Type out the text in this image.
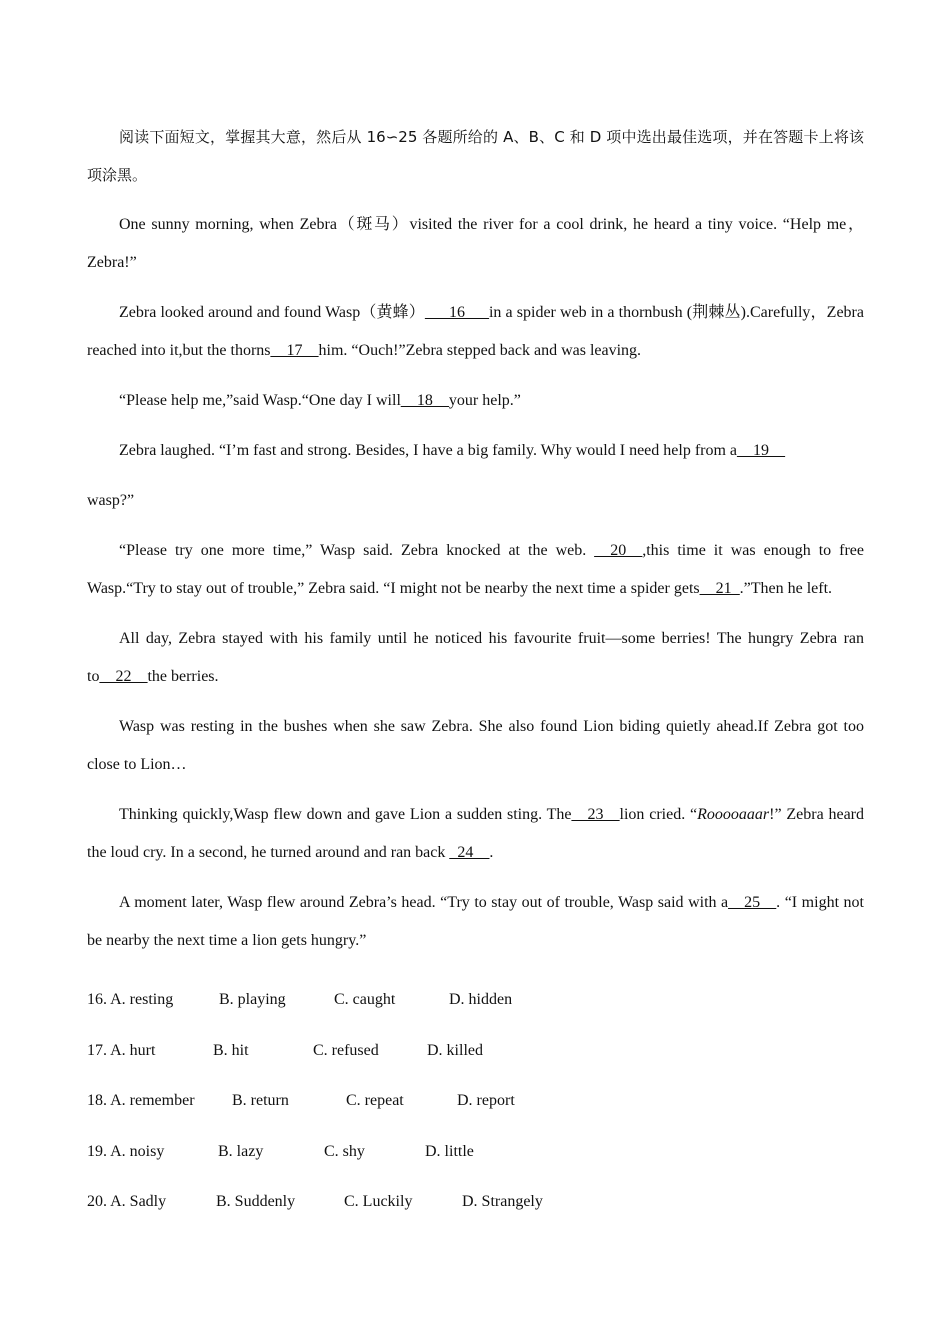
阅读下面短文，掌握其大意，然后从 16∽25 各题所给的 A、B、C 和 D 项中选出最佳选项，并在答题卡上将该项涂黑。

One sunny morning, when Zebra（斑马）visited the river for a cool drink, he heard a tiny voice. “Help me，Zebra!”

Zebra looked around and found Wasp（黄蜂）___16___in a spider web in a thornbush (荆棘丛).Carefully，Zebra reached into it,but the thorns__17__him. “Ouch!”Zebra stepped back and was leaving.

“Please help me,”said Wasp.“One day I will__18__your help.”

Zebra laughed. “I’m fast and strong. Besides, I have a big family. Why would I need help from a__19__

wasp?”

“Please try one more time,” Wasp said. Zebra knocked at the web. __20__,this time it was enough to free Wasp.“Try to stay out of trouble,” Zebra said. “I might not be nearby the next time a spider gets__21_.”Then he left.

All day, Zebra stayed with his family until he noticed his favourite fruit—some berries! The hungry Zebra ran to__22__the berries.

Wasp was resting in the bushes when she saw Zebra. She also found Lion biding quietly ahead.If Zebra got too close to Lion…

Thinking quickly,Wasp flew down and gave Lion a sudden sting. The__23__lion cried. “Rooooaaar!” Zebra heard the loud cry. In a second, he turned around and ran back _24__.

A moment later, Wasp flew around Zebra’s head. “Try to stay out of trouble, Wasp said with a__25__. “I might not be nearby the next time a lion gets hungry.”

16. A. resting	B. playing	C. caught	D. hidden
17. A. hurt	B. hit	C. refused	D. killed
18. A. remember B. return	C. repeat	D. report
19. A. noisy	B. lazy	C. shy	D. little
20. A. Sadly	B. Suddenly	C. Luckily	D. Strangely
